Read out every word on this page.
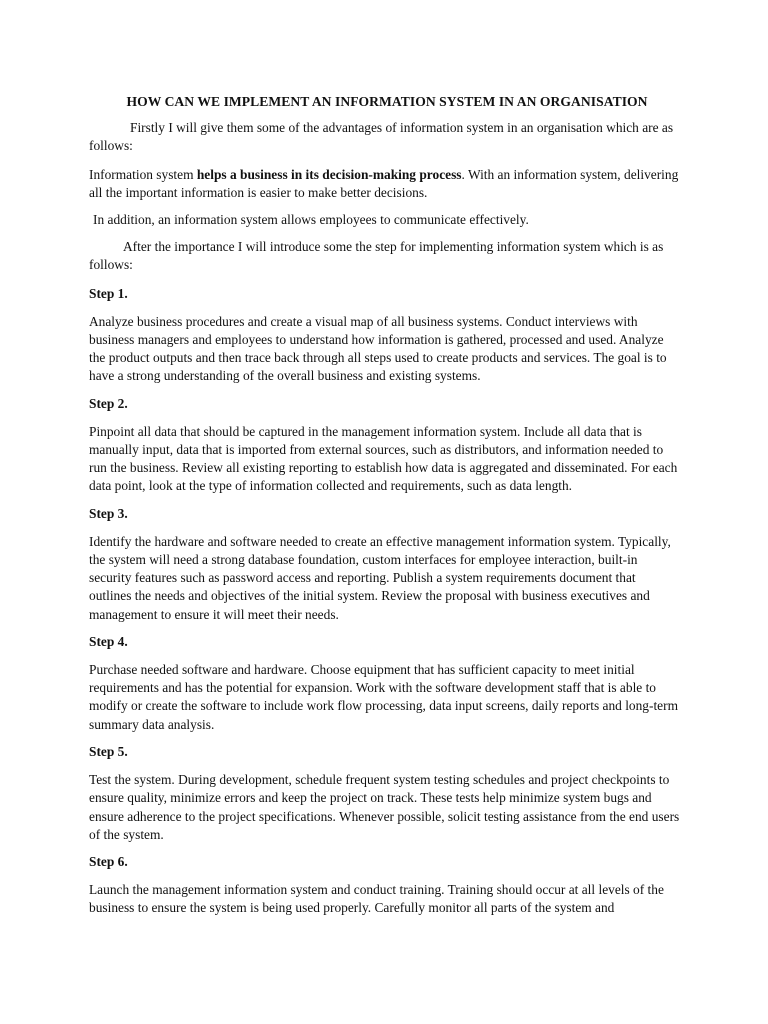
HOW CAN WE IMPLEMENT AN INFORMATION SYSTEM IN AN ORGANISATION

Firstly I will give them some of the advantages of information system in an organisation which are as follows:

Information system helps a business in its decision-making process. With an information system, delivering all the important information is easier to make better decisions.

In addition, an information system allows employees to communicate effectively.

After the importance I will introduce some the step for implementing information system which is as follows:

Step 1.

Analyze business procedures and create a visual map of all business systems. Conduct interviews with business managers and employees to understand how information is gathered, processed and used. Analyze the product outputs and then trace back through all steps used to create products and services. The goal is to have a strong understanding of the overall business and existing systems.

Step 2.

Pinpoint all data that should be captured in the management information system. Include all data that is manually input, data that is imported from external sources, such as distributors, and information needed to run the business. Review all existing reporting to establish how data is aggregated and disseminated. For each data point, look at the type of information collected and requirements, such as data length.

Step 3.

Identify the hardware and software needed to create an effective management information system. Typically, the system will need a strong database foundation, custom interfaces for employee interaction, built-in security features such as password access and reporting. Publish a system requirements document that outlines the needs and objectives of the initial system. Review the proposal with business executives and management to ensure it will meet their needs.

Step 4.

Purchase needed software and hardware. Choose equipment that has sufficient capacity to meet initial requirements and has the potential for expansion. Work with the software development staff that is able to modify or create the software to include work flow processing, data input screens, daily reports and long-term summary data analysis.

Step 5.

Test the system. During development, schedule frequent system testing schedules and project checkpoints to ensure quality, minimize errors and keep the project on track. These tests help minimize system bugs and ensure adherence to the project specifications. Whenever possible, solicit testing assistance from the end users of the system.

Step 6.

Launch the management information system and conduct training. Training should occur at all levels of the business to ensure the system is being used properly. Carefully monitor all parts of the system and
